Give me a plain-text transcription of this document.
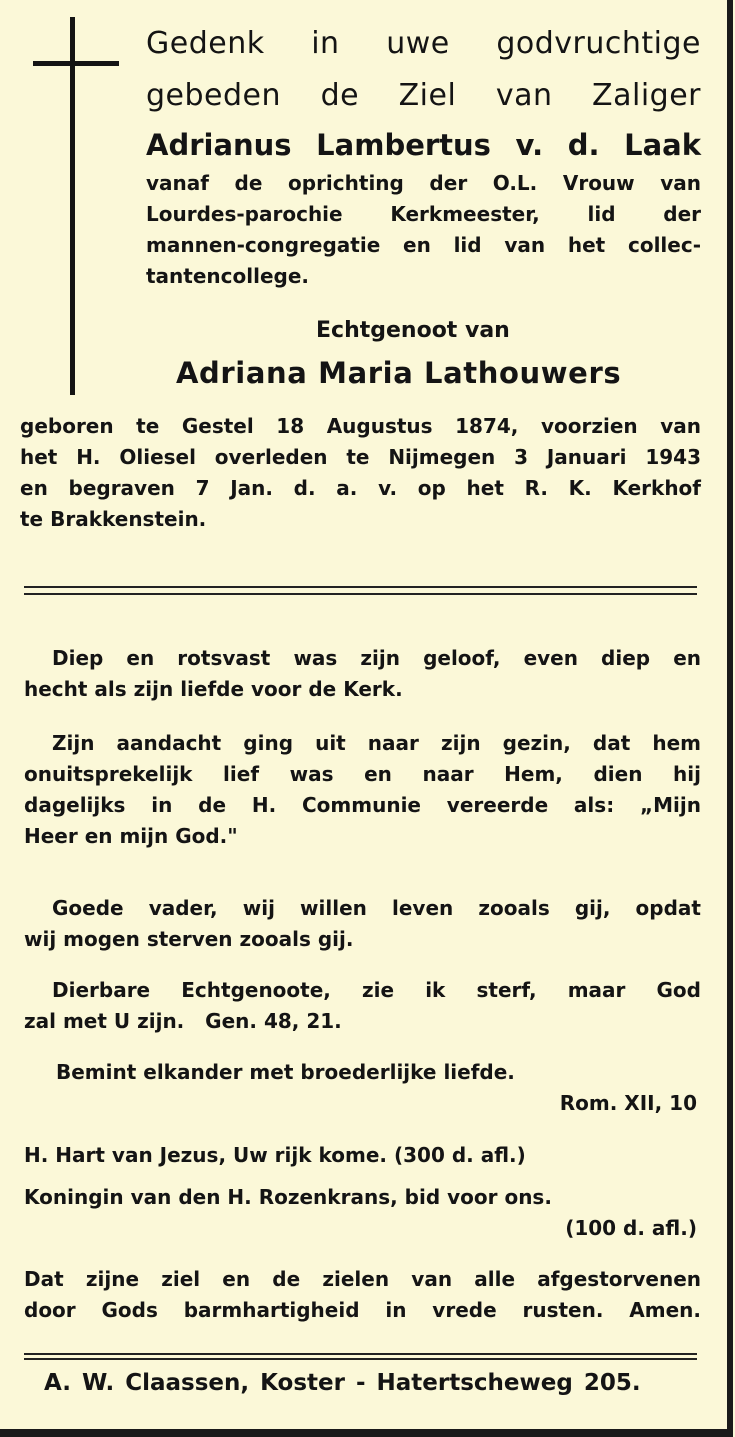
Gedenk in uwe godvruchtige
gebeden de Ziel van Zaliger
Adrianus Lambertus v. d. Laak
vanaf de oprichting der O.L. Vrouw van
Lourdes-parochie Kerkmeester, lid der
mannen-congregatie en lid van het collec-
tantencollege.
Echtgenoot van
Adriana Maria Lathouwers
geboren te Gestel 18 Augustus 1874, voorzien van
het H. Oliesel overleden te Nijmegen 3 Januari 1943
en begraven 7 Jan. d. a. v. op het R. K. Kerkhof
te Brakkenstein.
Diep en rotsvast was zijn geloof, even diep en
hecht als zijn liefde voor de Kerk.
Zijn aandacht ging uit naar zijn gezin, dat hem
onuitsprekelijk lief was en naar Hem, dien hij
dagelijks in de H. Communie vereerde als: „Mijn
Heer en mijn God."
Goede vader, wij willen leven zooals gij, opdat
wij mogen sterven zooals gij.
Dierbare Echtgenoote, zie ik sterf, maar God
zal met U zijn.   Gen. 48, 21.
Bemint elkander met broederlijke liefde.
Rom. XII, 10
H. Hart van Jezus, Uw rijk kome. (300 d. afl.)
Koningin van den H. Rozenkrans, bid voor ons.
(100 d. afl.)
Dat zijne ziel en de zielen van alle afgestorvenen
door Gods barmhartigheid in vrede rusten. Amen.
A. W. Claassen, Koster - Hatertscheweg 205.
